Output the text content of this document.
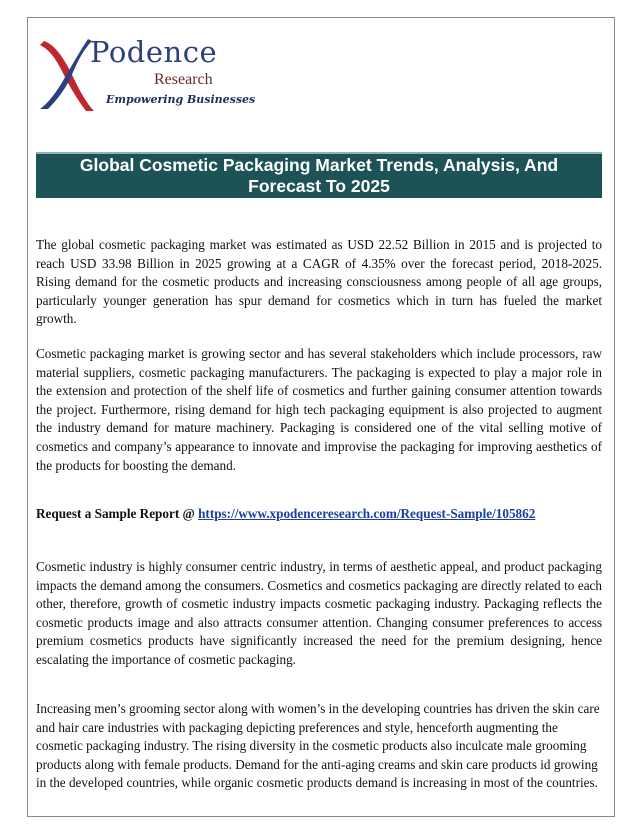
Podence
Research
Empowering Businesses
Global Cosmetic Packaging Market Trends, Analysis, And Forecast To 2025

The global cosmetic packaging market was estimated as USD 22.52 Billion in 2015 and is projected to reach USD 33.98 Billion in 2025 growing at a CAGR of 4.35% over the forecast period, 2018-2025. Rising demand for the cosmetic products and increasing consciousness among people of all age groups, particularly younger generation has spur demand for cosmetics which in turn has fueled the market growth.

Cosmetic packaging market is growing sector and has several stakeholders which include processors, raw material suppliers, cosmetic packaging manufacturers. The packaging is expected to play a major role in the extension and protection of the shelf life of cosmetics and further gaining consumer attention towards the project. Furthermore, rising demand for high tech packaging equipment is also projected to augment the industry demand for mature machinery. Packaging is considered one of the vital selling motive of cosmetics and company’s appearance to innovate and improvise the packaging for improving aesthetics of the products for boosting the demand.

Request a Sample Report @ https://www.xpodenceresearch.com/Request-Sample/105862

Cosmetic industry is highly consumer centric industry, in terms of aesthetic appeal, and product packaging impacts the demand among the consumers. Cosmetics and cosmetics packaging are directly related to each other, therefore, growth of cosmetic industry impacts cosmetic packaging industry. Packaging reflects the cosmetic products image and also attracts consumer attention. Changing consumer preferences to access premium cosmetics products have significantly increased the need for the premium designing, hence escalating the importance of cosmetic packaging.

Increasing men’s grooming sector along with women’s in the developing countries has driven the skin care and hair care industries with packaging depicting preferences and style, henceforth augmenting the cosmetic packaging industry. The rising diversity in the cosmetic products also inculcate male grooming products along with female products. Demand for the anti-aging creams and skin care products id growing in the developed countries, while organic cosmetic products demand is increasing in most of the countries.
